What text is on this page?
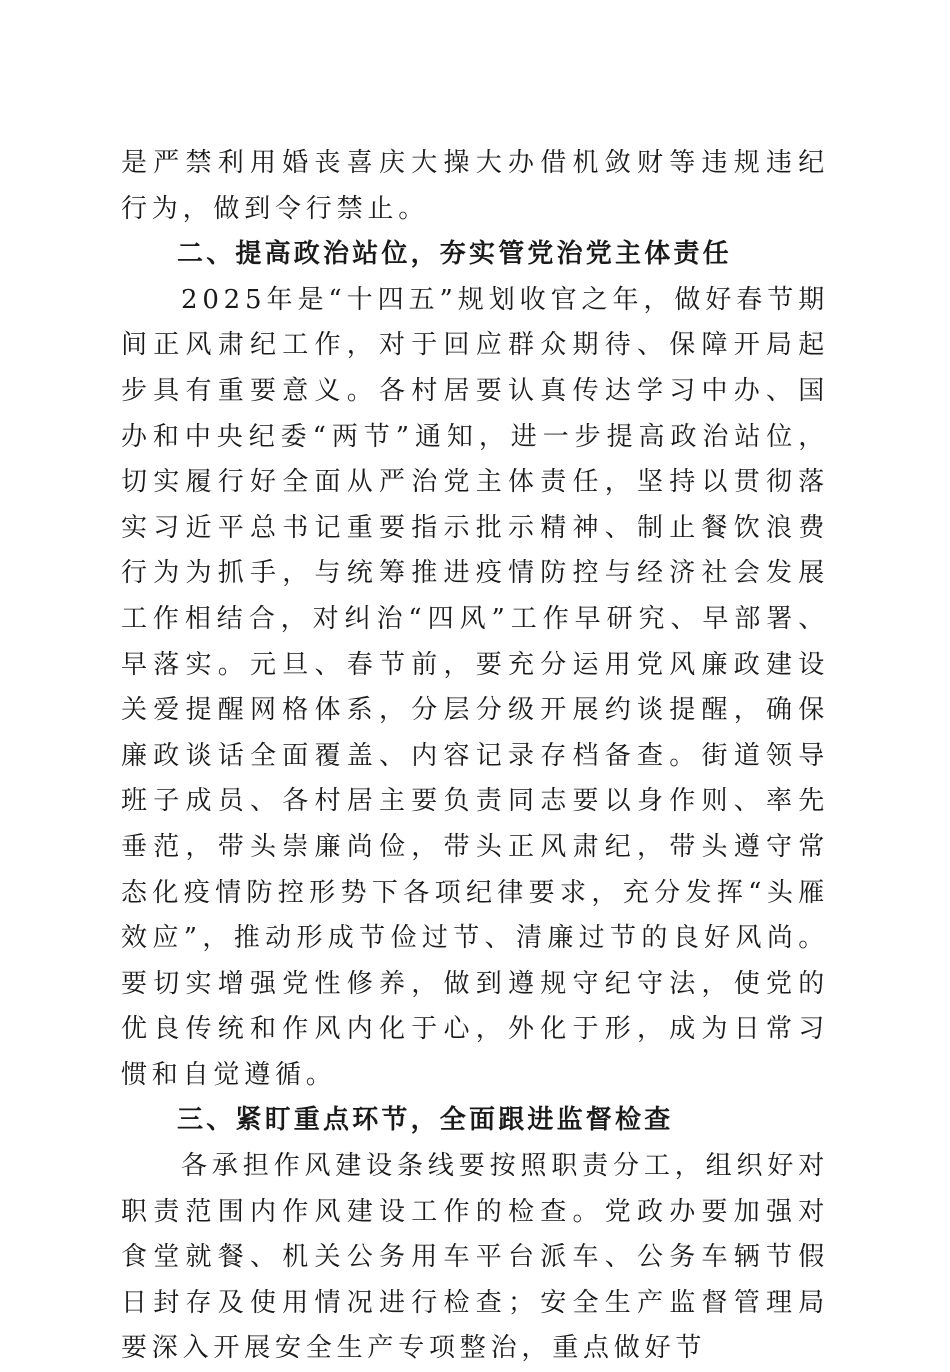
是严禁利用婚丧喜庆大操大办借机敛财等违规违纪行为，做到令行禁止。

二、提高政治站位，夯实管党治党主体责任

2025年是“十四五”规划收官之年，做好春节期间正风肃纪工作，对于回应群众期待、保障开局起步具有重要意义。各村居要认真传达学习中办、国办和中央纪委“两节”通知，进一步提高政治站位，切实履行好全面从严治党主体责任，坚持以贯彻落实习近平总书记重要指示批示精神、制止餐饮浪费行为为抓手，与统筹推进疫情防控与经济社会发展工作相结合，对纠治“四风”工作早研究、早部署、早落实。元旦、春节前，要充分运用党风廉政建设关爱提醒网格体系，分层分级开展约谈提醒，确保廉政谈话全面覆盖、内容记录存档备查。街道领导班子成员、各村居主要负责同志要以身作则、率先垂范，带头崇廉尚俭，带头正风肃纪，带头遵守常态化疫情防控形势下各项纪律要求，充分发挥“头雁效应”，推动形成节俭过节、清廉过节的良好风尚。要切实增强党性修养，做到遵规守纪守法，使党的优良传统和作风内化于心，外化于形，成为日常习惯和自觉遵循。

三、紧盯重点环节，全面跟进监督检查

各承担作风建设条线要按照职责分工，组织好对职责范围内作风建设工作的检查。党政办要加强对食堂就餐、机关公务用车平台派车、公务车辆节假日封存及使用情况进行检查；安全生产监督管理局要深入开展安全生产专项整治，重点做好节
